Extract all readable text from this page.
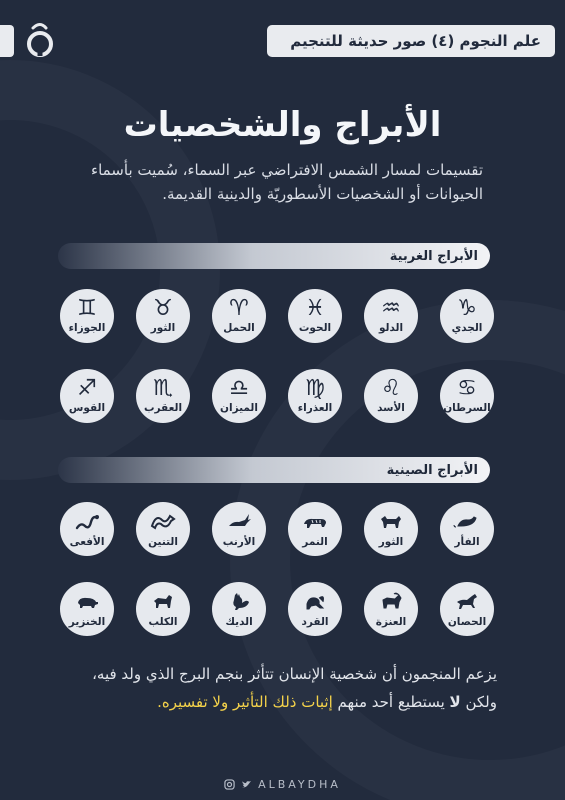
علم النجوم (٤) صور حديثة للتنجيم
الأبراج والشخصيات

تقسيمات لمسار الشمس الافتراضي عبر السماء، سُميت بأسماء الحيوانات أو الشخصيات الأسطوريّة والدينية القديمة.

الأبراج الغربية
♑
الجدي
♒
الدلو
♓
الحوت
♈
الحمل
♉
الثور
♊
الجوزاء
♋
السرطان
♌
الأسد
♍
العذراء
♎
الميزان
♏
العقرب
♐
القوس
الأبراج الصينية
الفأر
الثور
النمر
الأرنب
التنين
الأفعى
الحصان
العنزة
القرد
الديك
الكلب
الخنزير

يزعم المنجمون أن شخصية الإنسان تتأثر بنجم البرج الذي ولد فيه، ولكن لا يستطيع أحد منهم إثبات ذلك التأثير ولا تفسيره.

ALBAYDHA
